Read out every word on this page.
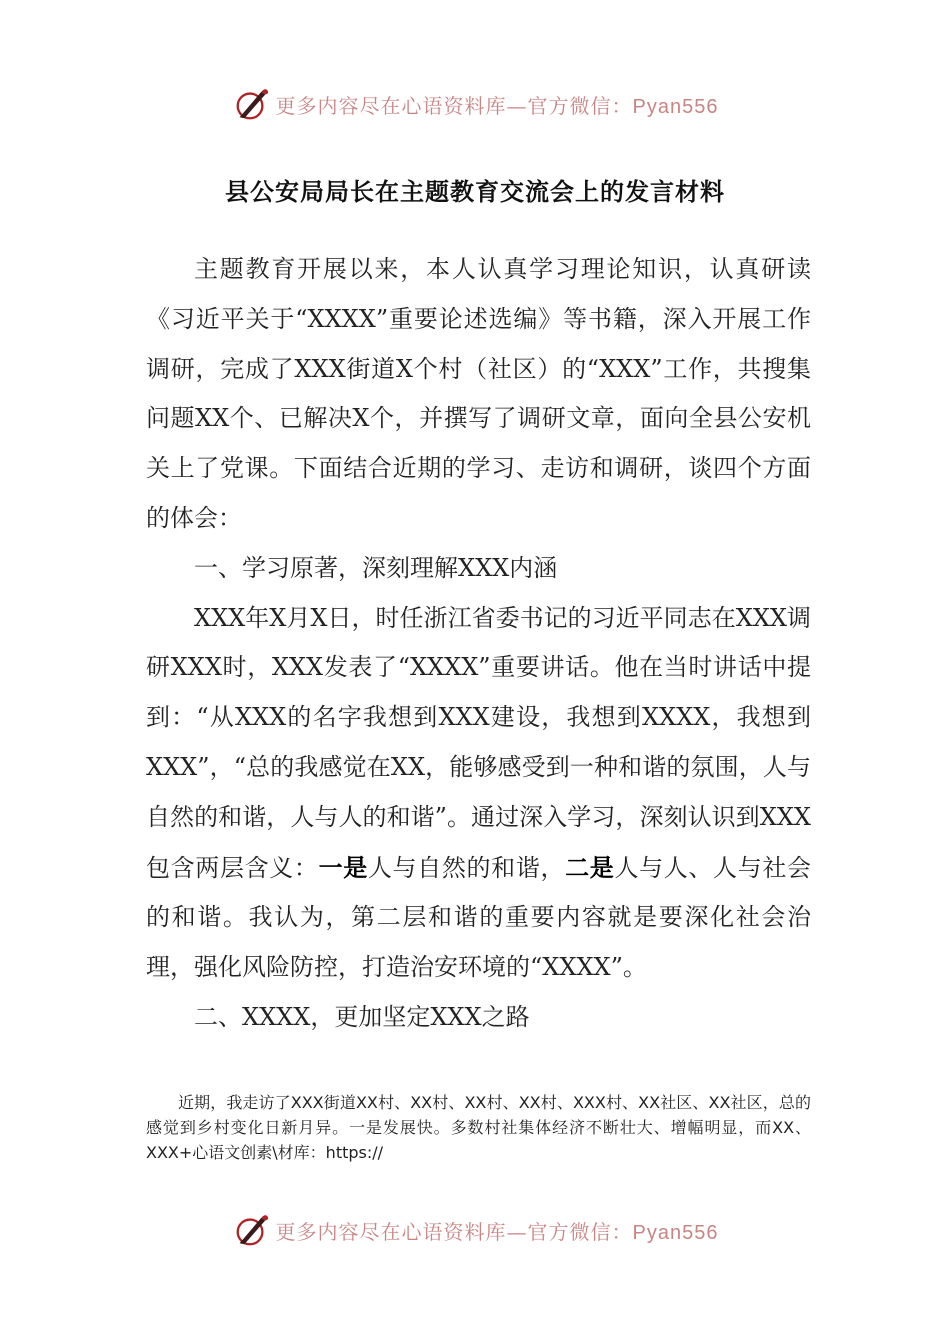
更多内容尽在心语资料库—官方微信：Pyan556
县公安局局长在主题教育交流会上的发言材料

主题教育开展以来，本人认真学习理论知识，认真研读《习近平关于“XXXX”重要论述选编》等书籍，深入开展工作调研，完成了XXX街道X个村（社区）的“XXX”工作，共搜集问题XX个、已解决X个，并撰写了调研文章，面向全县公安机关上了党课。下面结合近期的学习、走访和调研，谈四个方面的体会：

一、学习原著，深刻理解XXX内涵

XXX年X月X日，时任浙江省委书记的习近平同志在XXX调研XXX时，XXX发表了“XXXX”重要讲话。他在当时讲话中提到：“从XXX的名字我想到XXX建设，我想到XXXX，我想到XXX”，“总的我感觉在XX，能够感受到一种和谐的氛围，人与自然的和谐，人与人的和谐”。通过深入学习，深刻认识到XXX包含两层含义：一是人与自然的和谐，二是人与人、人与社会的和谐。我认为，第二层和谐的重要内容就是要深化社会治理，强化风险防控，打造治安环境的“XXXX”。

二、XXXX，更加坚定XXX之路

近期，我走访了XXX街道XX村、XX村、XX村、XX村、XXX村、XX社区、XX社区，总的感觉到乡村变化日新月异。一是发展快。多数村社集体经济不断壮大、增幅明显，而XX、XXX+心语文创素\材库：https://

更多内容尽在心语资料库—官方微信：Pyan556
